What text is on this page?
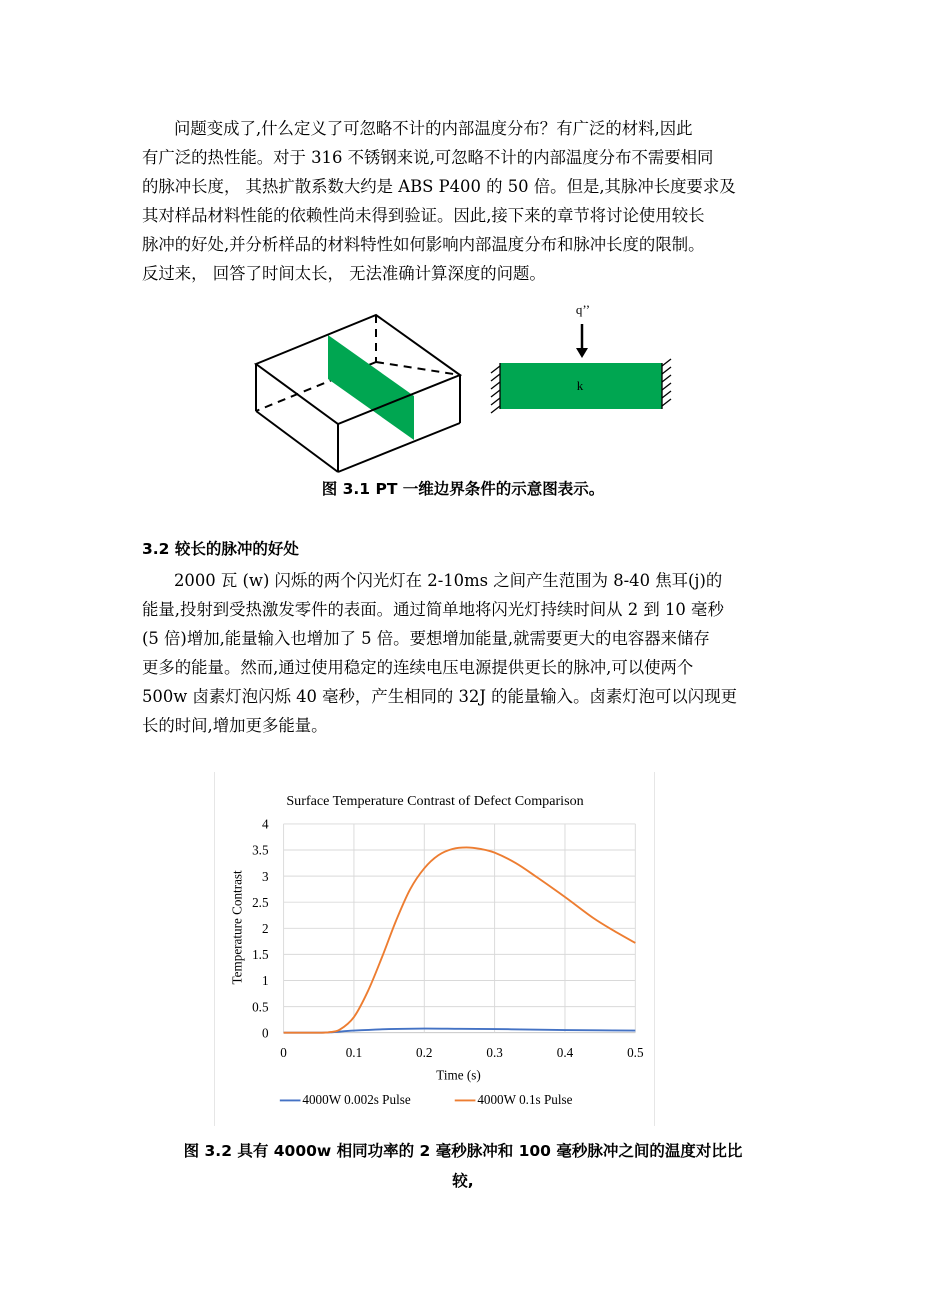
问题变成了,什么定义了可忽略不计的内部温度分布？有广泛的材料,因此
有广泛的热性能。对于 316 不锈钢来说,可忽略不计的内部温度分布不需要相同
的脉冲长度， 其热扩散系数大约是 ABS P400 的 50 倍。但是,其脉冲长度要求及
其对样品材料性能的依赖性尚未得到验证。因此,接下来的章节将讨论使用较长
脉冲的好处,并分析样品的材料特性如何影响内部温度分布和脉冲长度的限制。
反过来， 回答了时间太长， 无法准确计算深度的问题。

q’’
k

图 3.1 PT 一维边界条件的示意图表示。

3.2 较长的脉冲的好处

2000 瓦 (w) 闪烁的两个闪光灯在 2-10ms 之间产生范围为 8-40 焦耳(j)的
能量,投射到受热激发零件的表面。通过简单地将闪光灯持续时间从 2 到 10 毫秒
(5 倍)增加,能量输入也增加了 5 倍。要想增加能量,就需要更大的电容器来储存
更多的能量。然而,通过使用稳定的连续电压电源提供更长的脉冲,可以使两个
500w 卤素灯泡闪烁 40 毫秒，产生相同的 32J 的能量输入。卤素灯泡可以闪现更
长的时间,增加更多能量。

Surface Temperature Contrast of Defect Comparison
0
0.5
1
1.5
2
2.5
3
3.5
4
0	0.1	0.2	0.3	0.4	0.5
Time (s)
Temperature Contrast
4000W 0.002s Pulse	4000W 0.1s Pulse

图 3.2 具有 4000w 相同功率的 2 毫秒脉冲和 100 毫秒脉冲之间的温度对比比
较,
